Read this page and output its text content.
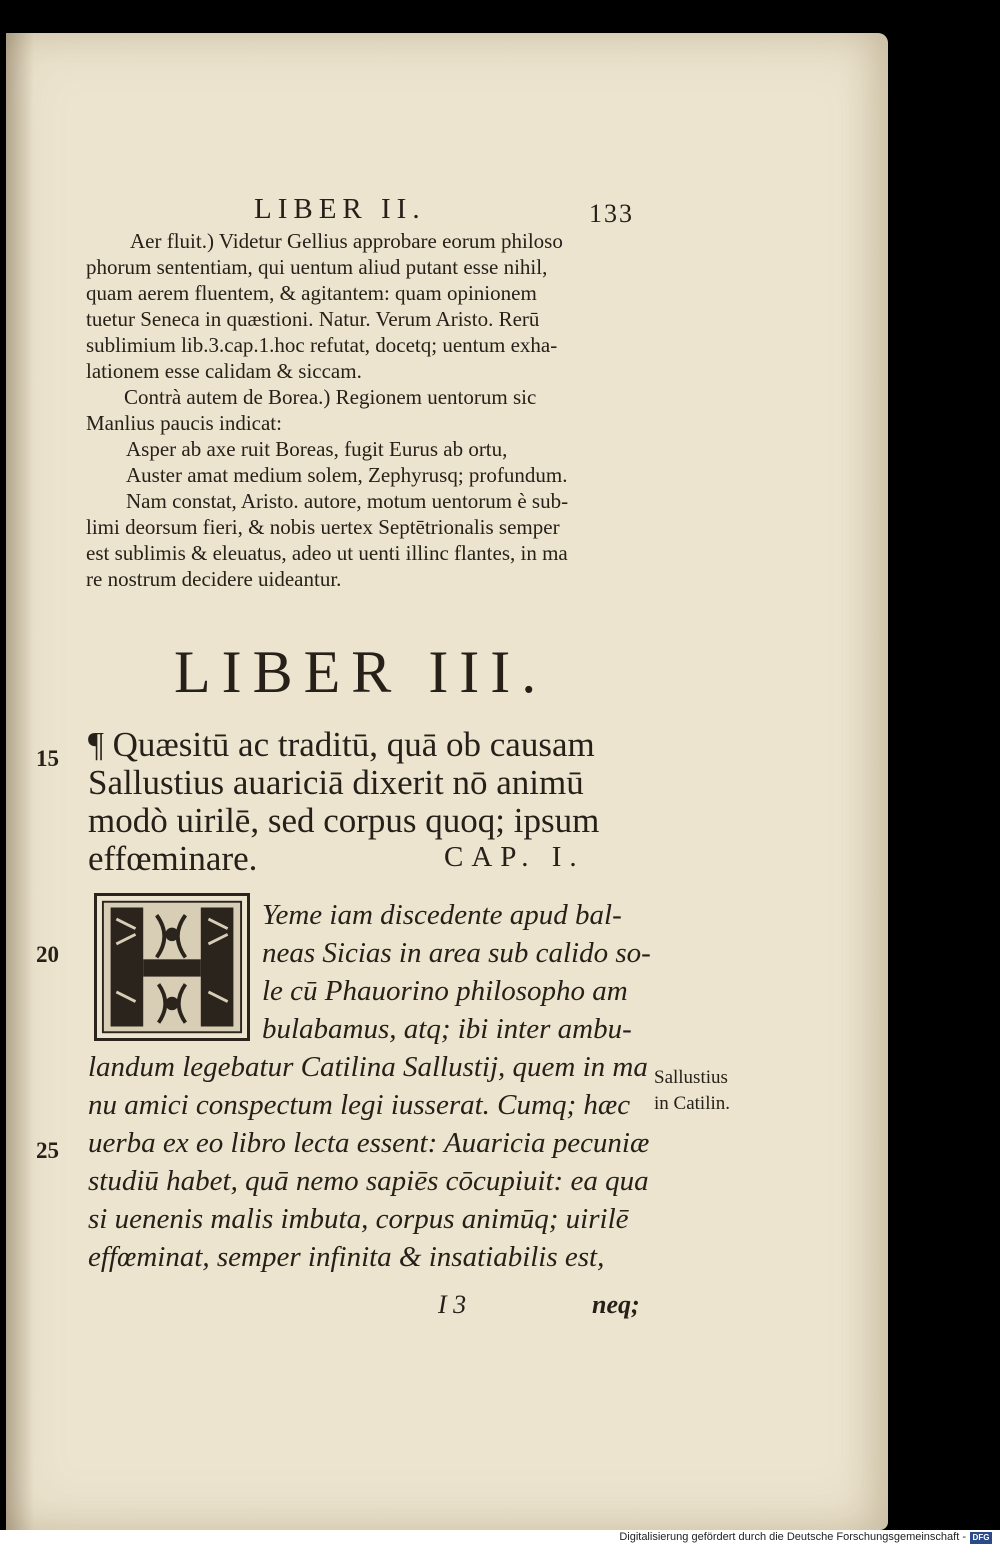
LIBER II.	133
Aer fluit.) Videtur Gellius approbare eorum philoso
phorum sententiam, qui uentum aliud putant esse nihil,
quam aerem fluentem, & agitantem: quam opinionem
tuetur Seneca in quæstioni. Natur. Verum Aristo. Rerū
sublimium lib.3.cap.1.hoc refutat, docetq; uentum exha-
lationem esse calidam & siccam.
Contrà autem de Borea.) Regionem uentorum sic
Manlius paucis indicat:
Asper ab axe ruit Boreas, fugit Eurus ab ortu,
Auster amat medium solem, Zephyrusq; profundum.
Nam constat, Aristo. autore, motum uentorum è sub-
limi deorsum fieri, & nobis uertex Septētrionalis semper
est sublimis & eleuatus, adeo ut uenti illinc flantes, in ma
re nostrum decidere uideantur.
LIBER III.
¶ Quæsitū ac traditū, quā ob causam
Sallustius auariciā dixerit nō animū
modò uirilē, sed corpus quoq; ipsum
effœminare.	CAP. I.
Yeme iam discedente apud bal-
neas Sicias in area sub calido so-
le cū Phauorino philosopho am
bulabamus, atq; ibi inter ambu-
landum legebatur Catilina Sallustij, quem in ma
nu amici conspectum legi iusserat. Cumq; hæc
uerba ex eo libro lecta essent: Auaricia pecuniæ
studiū habet, quā nemo sapiēs cōcupiuit: ea qua
si uenenis malis imbuta, corpus animūq; uirilē
effœminat, semper infinita & insatiabilis est,
15
20
25
Sallustius
in Catilin.
I 3	neq;
Digitalisierung gefördert durch die Deutsche Forschungsgemeinschaft - DFG
